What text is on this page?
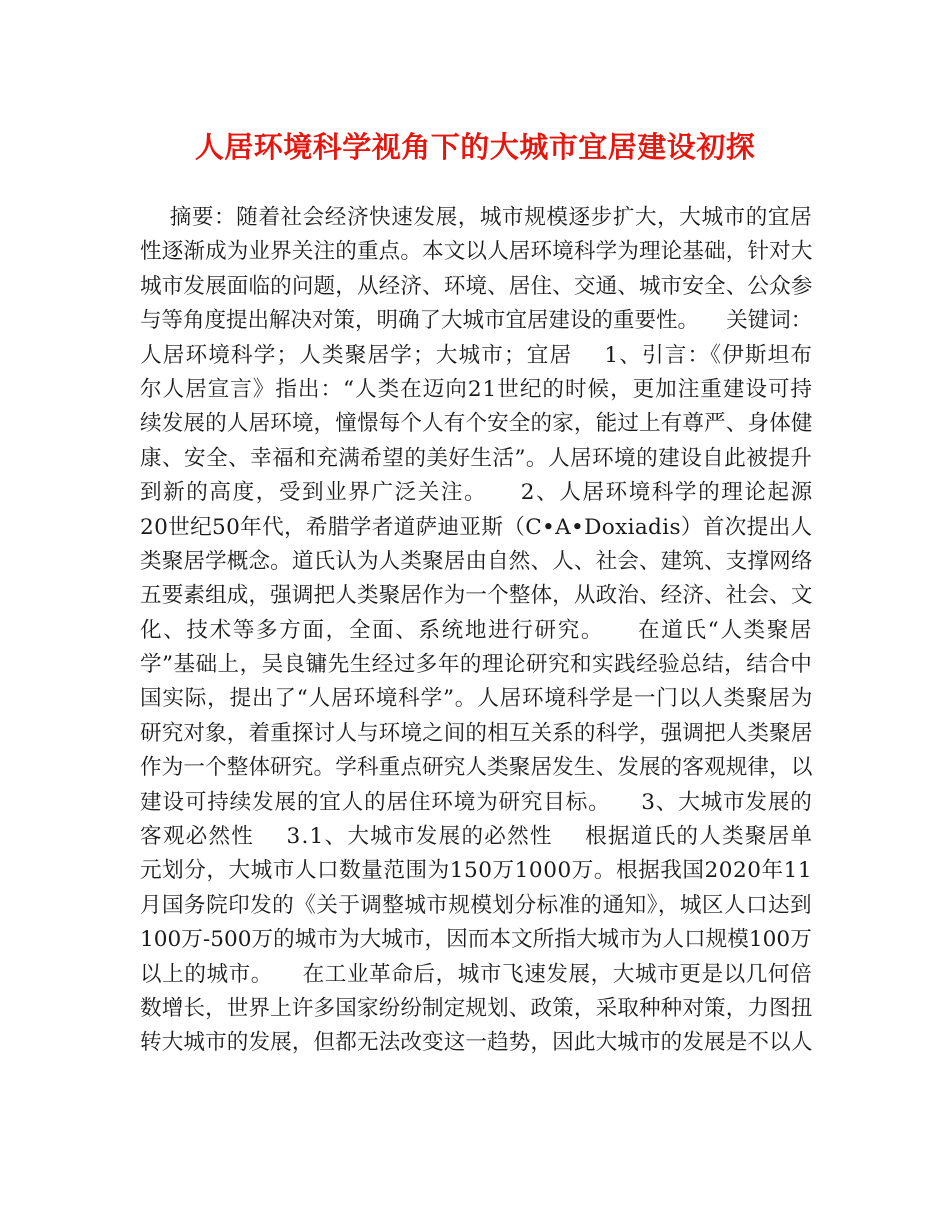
人居环境科学视角下的大城市宜居建设初探
摘要：随着社会经济快速发展，城市规模逐步扩大，大城市的宜居
性逐渐成为业界关注的重点。本文以人居环境科学为理论基础，针对大
城市发展面临的问题，从经济、环境、居住、交通、城市安全、公众参
与等角度提出解决对策，明确了大城市宜居建设的重要性。    关键词：
人居环境科学；人类聚居学；大城市；宜居    1、引言：《伊斯坦布
尔人居宣言》指出：“人类在迈向21世纪的时候，更加注重建设可持
续发展的人居环境，憧憬每个人有个安全的家，能过上有尊严、身体健
康、安全、幸福和充满希望的美好生活”。人居环境的建设自此被提升
到新的高度，受到业界广泛关注。    2、人居环境科学的理论起源
20世纪50年代，希腊学者道萨迪亚斯（C•A•Doxiadis）首次提出人
类聚居学概念。道氏认为人类聚居由自然、人、社会、建筑、支撑网络
五要素组成，强调把人类聚居作为一个整体，从政治、经济、社会、文
化、技术等多方面，全面、系统地进行研究。    在道氏“人类聚居
学”基础上，吴良镛先生经过多年的理论研究和实践经验总结，结合中
国实际，提出了“人居环境科学”。人居环境科学是一门以人类聚居为
研究对象，着重探讨人与环境之间的相互关系的科学，强调把人类聚居
作为一个整体研究。学科重点研究人类聚居发生、发展的客观规律，以
建设可持续发展的宜人的居住环境为研究目标。    3、大城市发展的
客观必然性    3.1、大城市发展的必然性    根据道氏的人类聚居单
元划分，大城市人口数量范围为150万1000万。根据我国2020年11
月国务院印发的《关于调整城市规模划分标准的通知》，城区人口达到
100万-500万的城市为大城市，因而本文所指大城市为人口规模100万
以上的城市。    在工业革命后，城市飞速发展，大城市更是以几何倍
数增长，世界上许多国家纷纷制定规划、政策，采取种种对策，力图扭
转大城市的发展，但都无法改变这一趋势，因此大城市的发展是不以人
